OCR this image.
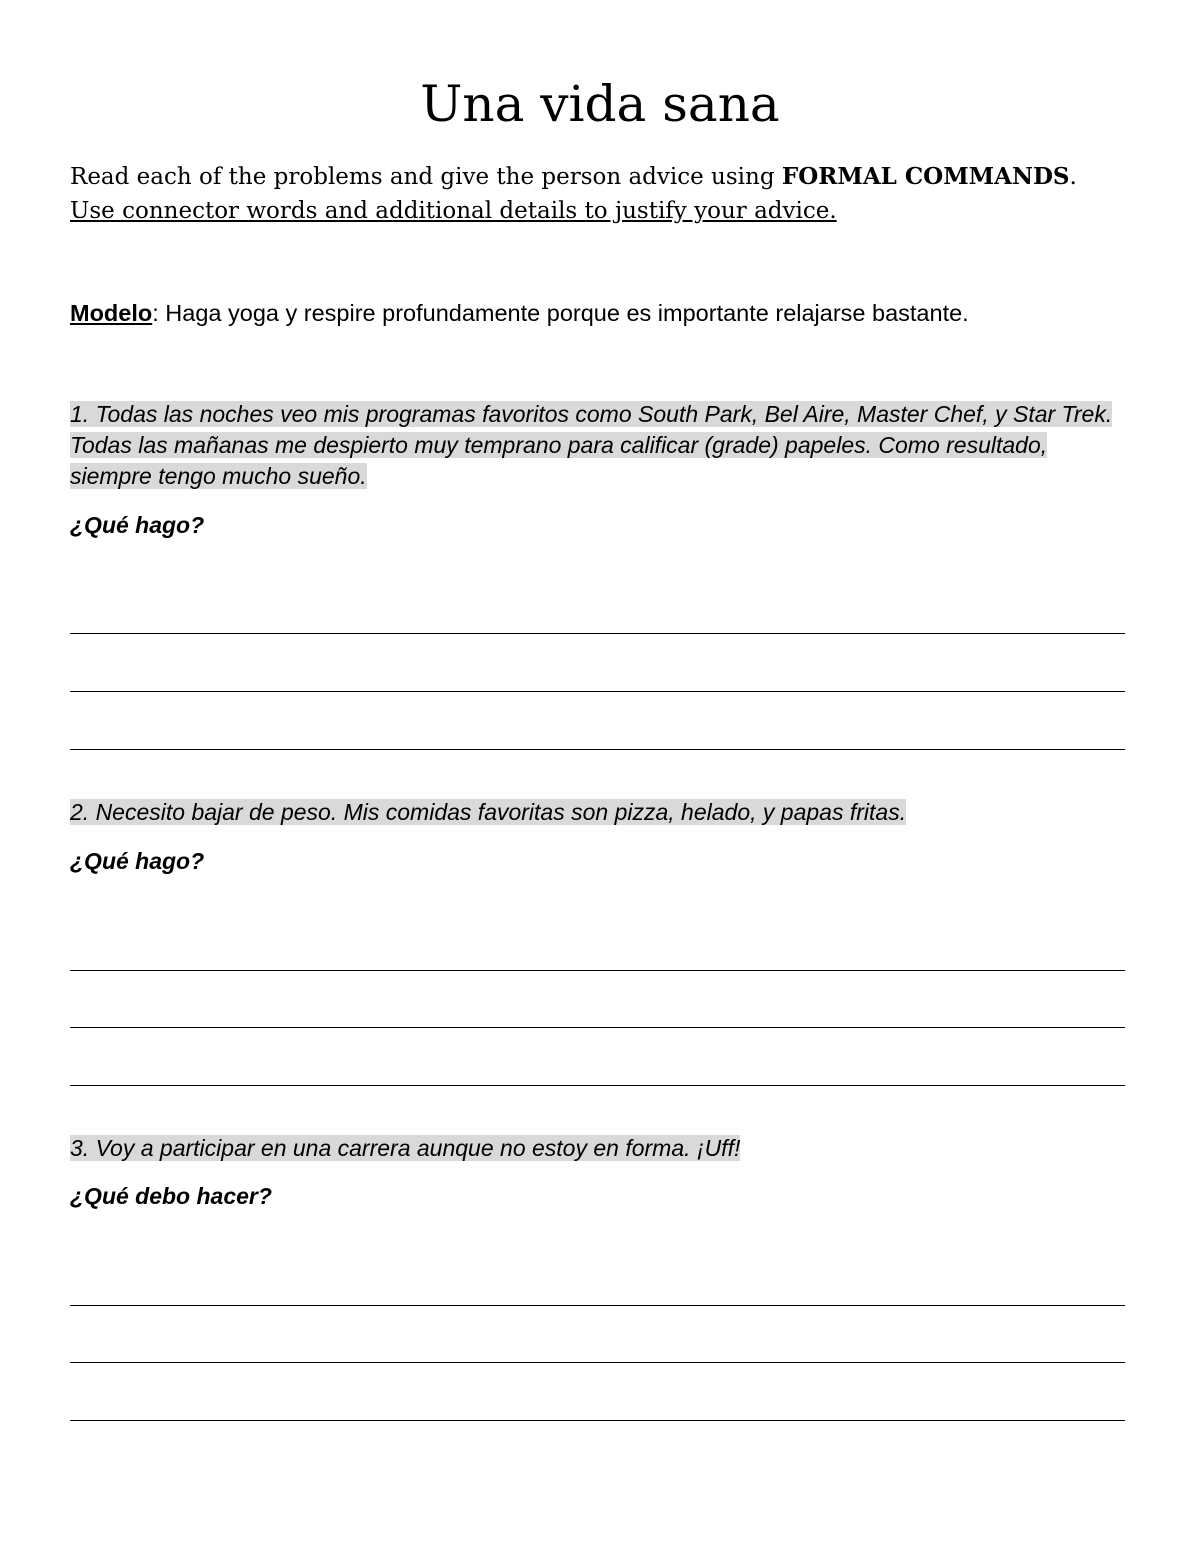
Una vida sana
Read each of the problems and give the person advice using FORMAL COMMANDS.
Use connector words and additional details to justify your advice.
Modelo: Haga yoga y respire profundamente porque es importante relajarse bastante.
1. Todas las noches veo mis programas favoritos como South Park, Bel Aire, Master Chef, y Star Trek. Todas las mañanas me despierto muy temprano para calificar (grade) papeles. Como resultado, siempre tengo mucho sueño.
¿Qué hago?
2. Necesito bajar de peso. Mis comidas favoritas son pizza, helado, y papas fritas.
¿Qué hago?
3. Voy a participar en una carrera aunque no estoy en forma. ¡Uff!
¿Qué debo hacer?
